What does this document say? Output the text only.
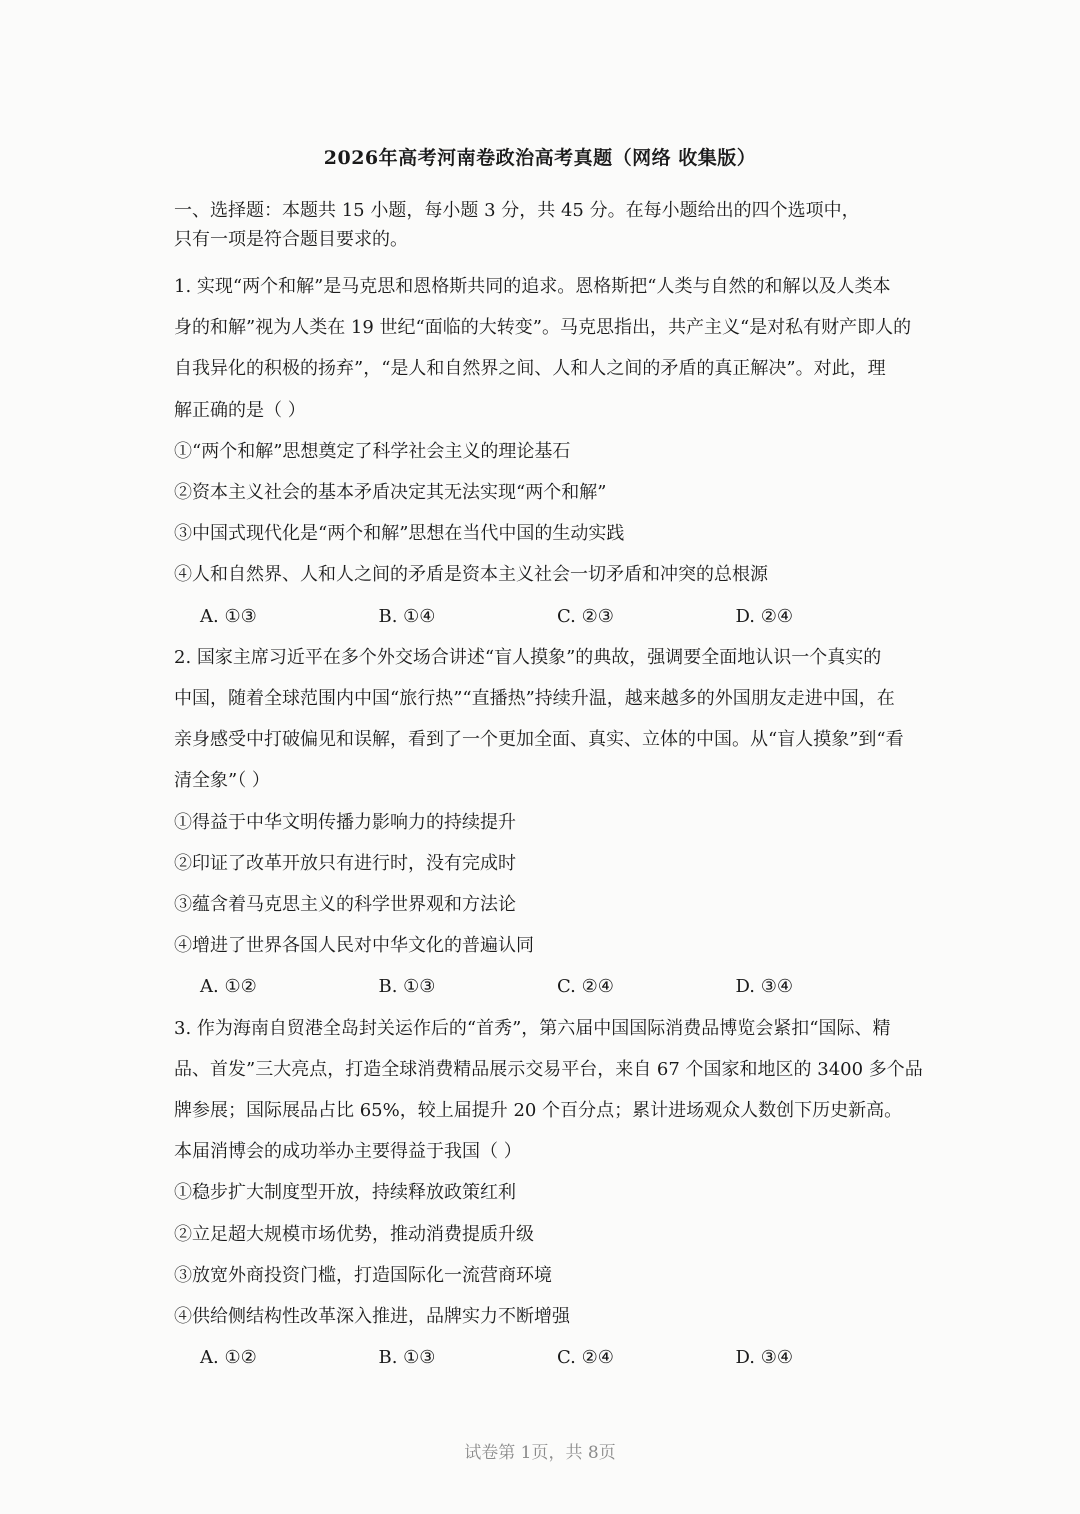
2026年高考河南卷政治高考真题（网络 收集版）
一、选择题：本题共 15 小题，每小题 3 分，共 45 分。在每小题给出的四个选项中，
只有一项是符合题目要求的。
1. 实现“两个和解”是马克思和恩格斯共同的追求。恩格斯把“人类与自然的和解以及人类本
身的和解”视为人类在 19 世纪“面临的大转变”。马克思指出，共产主义“是对私有财产即人的
自我异化的积极的扬弃”，“是人和自然界之间、人和人之间的矛盾的真正解决”。对此，理
解正确的是（ ）
①“两个和解”思想奠定了科学社会主义的理论基石
②资本主义社会的基本矛盾决定其无法实现“两个和解”
③中国式现代化是“两个和解”思想在当代中国的生动实践
④人和自然界、人和人之间的矛盾是资本主义社会一切矛盾和冲突的总根源
A. ①③	B. ①④	C. ②③	D. ②④
2. 国家主席习近平在多个外交场合讲述“盲人摸象”的典故，强调要全面地认识一个真实的
中国，随着全球范围内中国“旅行热”“直播热”持续升温，越来越多的外国朋友走进中国，在
亲身感受中打破偏见和误解，看到了一个更加全面、真实、立体的中国。从“盲人摸象”到“看
清全象”（ ）
①得益于中华文明传播力影响力的持续提升
②印证了改革开放只有进行时，没有完成时
③蕴含着马克思主义的科学世界观和方法论
④增进了世界各国人民对中华文化的普遍认同
A. ①②	B. ①③	C. ②④	D. ③④
3. 作为海南自贸港全岛封关运作后的“首秀”，第六届中国国际消费品博览会紧扣“国际、精
品、首发”三大亮点，打造全球消费精品展示交易平台，来自 67 个国家和地区的 3400 多个品
牌参展；国际展品占比 65%，较上届提升 20 个百分点；累计进场观众人数创下历史新高。
本届消博会的成功举办主要得益于我国（ ）
①稳步扩大制度型开放，持续释放政策红利
②立足超大规模市场优势，推动消费提质升级
③放宽外商投资门槛，打造国际化一流营商环境
④供给侧结构性改革深入推进，品牌实力不断增强
A. ①②	B. ①③	C. ②④	D. ③④
试卷第 1页，共 8页
